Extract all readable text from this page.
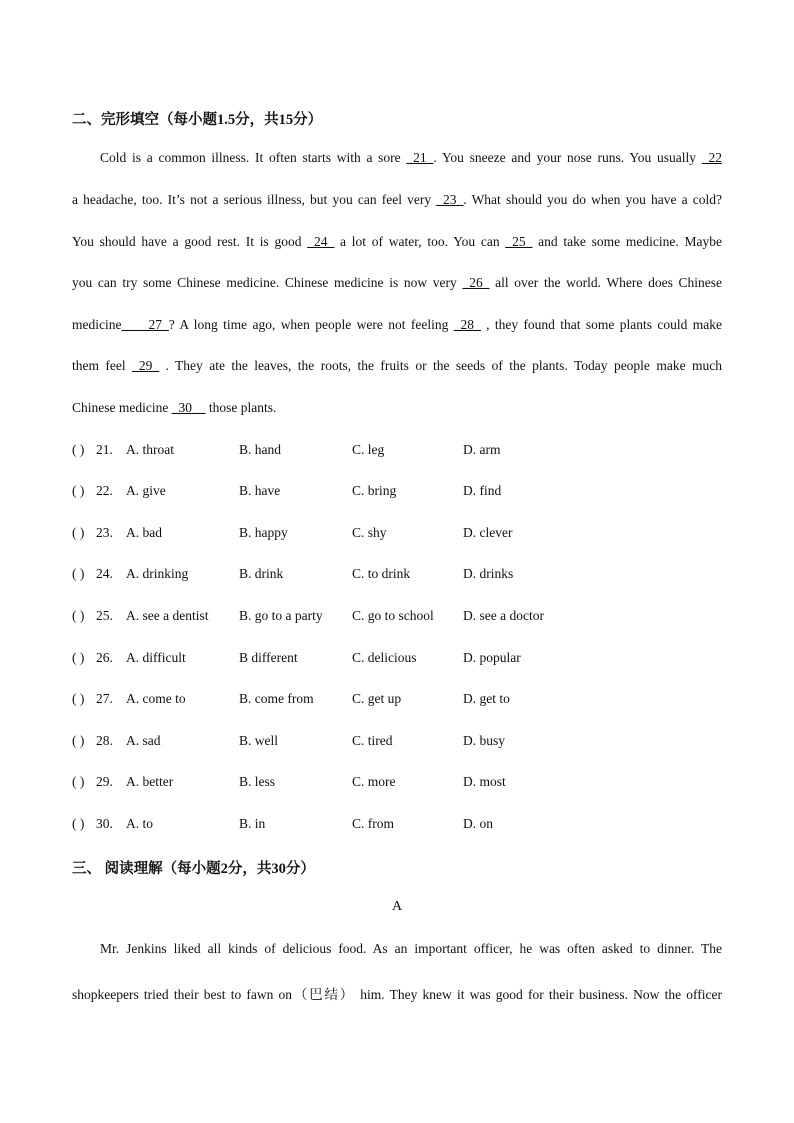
二、完形填空（每小题1.5分，共15分）
Cold is a common illness. It often starts with a sore _21_. You sneeze and your nose runs. You usually _22
a headache, too. It’s not a serious illness, but you can feel very _23_. What should you do when you have a cold?
You should have a good rest. It is good _24_ a lot of water, too. You can _25_ and take some medicine. Maybe
you can try some Chinese medicine. Chinese medicine is now very _26_ all over the world. Where does Chinese
medicine____27_? A long time ago, when people were not feeling _28_ , they found that some plants could make
them feel _29_ . They ate the leaves, the roots, the fruits or the seeds of the plants. Today people make much
Chinese medicine _30__ those plants.
( ) 21. A. throat	B. hand	C. leg	D. arm
( ) 22. A. give	B. have	C. bring	D. find
( ) 23. A. bad	B. happy	C. shy	D. clever
( ) 24. A. drinking	B. drink	C. to drink	D. drinks
( ) 25. A. see a dentist B. go to a party C. go to school D. see a doctor
( ) 26. A. difficult	B different	C. delicious	D. popular
( ) 27. A. come to	B. come from	C. get up	D. get to
( ) 28. A. sad	B. well	C. tired	D. busy
( ) 29. A. better	B. less	C. more	D. most
( ) 30. A. to	B. in	C. from	D. on
三、 阅读理解（每小题2分，共30分）
A
Mr. Jenkins liked all kinds of delicious food. As an important officer, he was often asked to dinner. The
shopkeepers tried their best to fawn on（巴结） him. They knew it was good for their business. Now the officer
